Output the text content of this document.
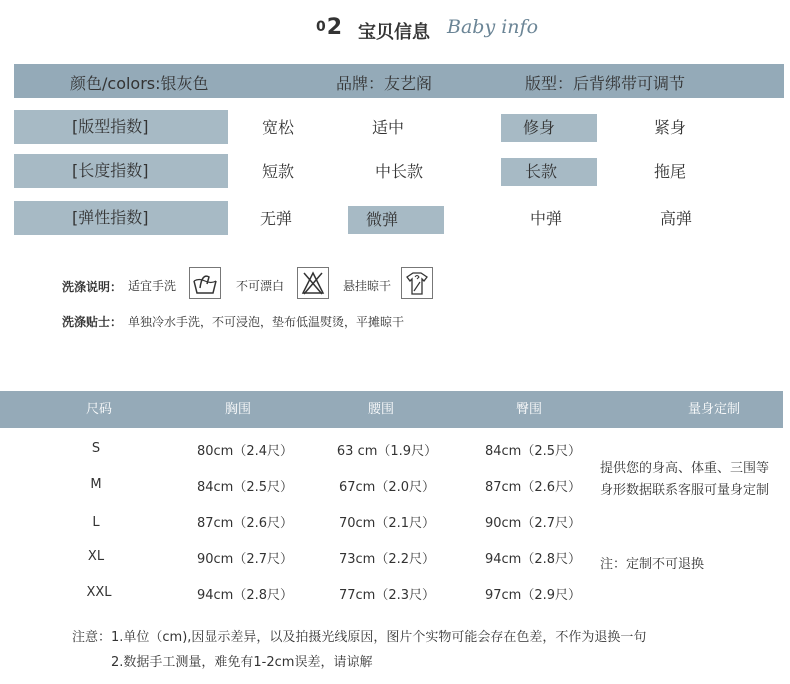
02 宝贝信息 Baby info
颜色/colors:银灰色	品牌：友艺阁	版型：后背绑带可调节
[版型指数]	宽松	适中	修身	紧身
[长度指数]	短款	中长款	长款	拖尾
[弹性指数]	无弹	微弹	中弹	高弹
洗涤说明： 适宜手洗	不可漂白	悬挂晾干
洗涤贴士： 单独冷水手洗，不可浸泡，垫布低温熨烫，平摊晾干
尺码	胸围	腰围	臀围	量身定制
S	80cm（2.4尺）	63 cm（1.9尺）	84cm（2.5尺）
M	84cm（2.5尺）	67cm（2.0尺）	87cm（2.6尺）
L	87cm（2.6尺）	70cm（2.1尺）	90cm（2.7尺）
XL	90cm（2.7尺）	73cm（2.2尺）	94cm（2.8尺）
XXL	94cm（2.8尺）	77cm（2.3尺）	97cm（2.9尺）
提供您的身高、体重、三围等身形数据联系客服可量身定制
注：定制不可退换
注意：1.单位（cm),因显示差异，以及拍摄光线原因，图片个实物可能会存在色差，不作为退换一句
2.数据手工测量，难免有1-2cm误差，请谅解
